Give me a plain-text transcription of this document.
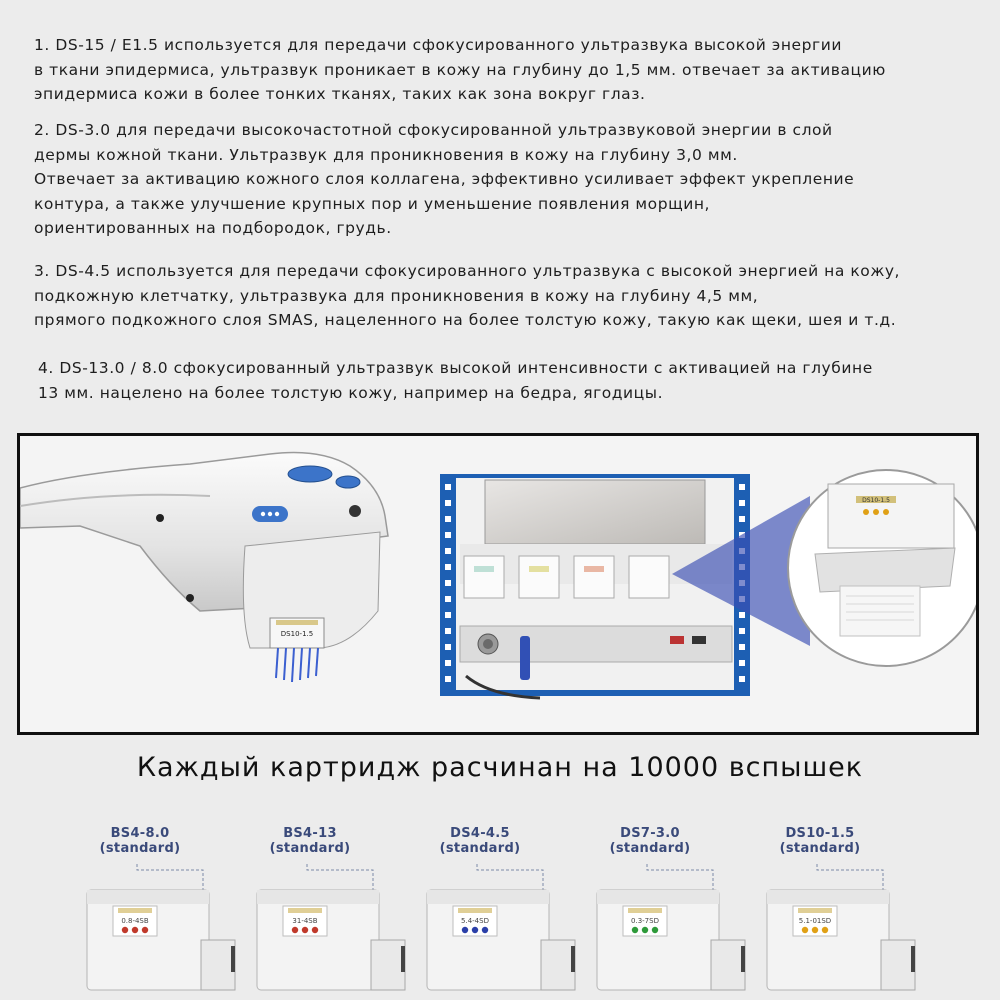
1. DS-15 / E1.5 используется для передачи сфокусированного ультразвука высокой энергии
в ткани эпидермиса, ультразвук проникает в кожу на глубину до 1,5 мм. отвечает за активацию
эпидермиса кожи в более тонких тканях, таких как зона вокруг глаз.

2. DS-3.0 для передачи высокочастотной сфокусированной ультразвуковой энергии в слой
дермы кожной ткани. Ультразвук для проникновения в кожу на глубину 3,0 мм.
Отвечает за активацию кожного слоя коллагена, эффективно усиливает эффект укрепление
контура, а также улучшение крупных пор и уменьшение появления морщин,
ориентированных на подбородок, грудь.

3. DS-4.5 используется для передачи сфокусированного ультразвука с высокой энергией на кожу,
подкожную клетчатку, ультразвука для проникновения в кожу на глубину 4,5 мм,
прямого подкожного слоя SMAS, нацеленного на более толстую кожу, такую как щеки, шея и т.д.

4. DS-13.0 / 8.0 сфокусированный ультразвук высокой интенсивности с активацией на глубине
13 мм. нацелено на более толстую кожу, например на бедра, ягодицы.

DS10-1.5
DS10-1.5
Каждый картридж расчинан на 10000 вспышек
0.8-4SB
BS4-8.0
(standard)
31-4SB
BS4-13
(standard)
5.4-4SD
DS4-4.5
(standard)
0.3-7SD
DS7-3.0
(standard)
5.1-01SD
DS10-1.5
(standard)
